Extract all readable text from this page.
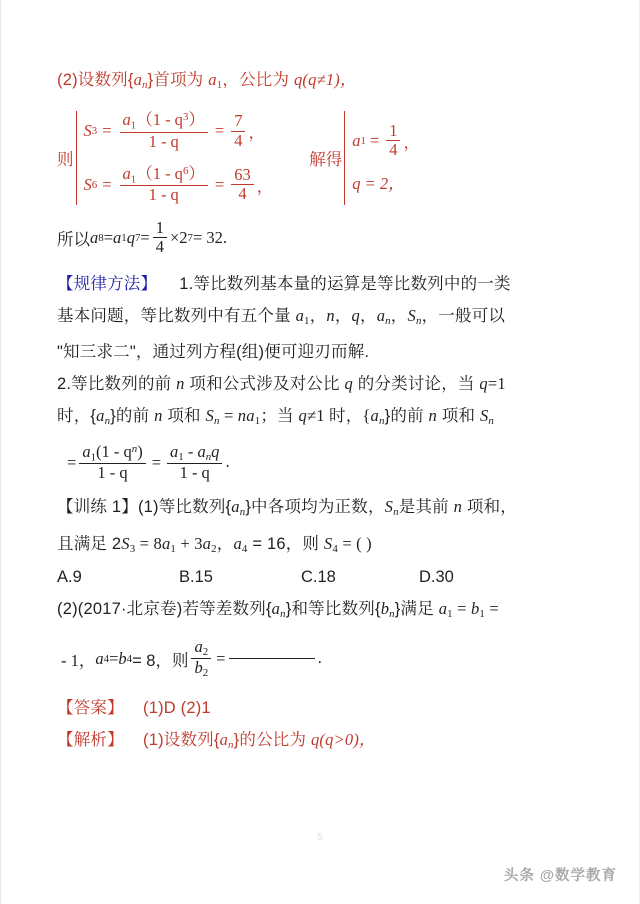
(2)设数列$\{a_n\}$首项为 $a_1$，公比为 q(q≠1)，
则
S $3 = \frac{a_1(1 - q^3)}{1 - q} = \frac{7}{4}$ ，
S $6 = \frac{a_1(1 - q^6)}{1 - q} = \frac{63}{4}$ ，
解得
a $1 = \frac{1}{4}$ ，
q = 2，
所以 a 8 = a 1 q $7 = \frac{1}{4} \times 2$ 7 = 32.
【规律方法】 1.等比数列基本量的运算是等比数列中的一类
基本问题，等比数列中有五个量 $a_1$，n，q，$a_n$，$S_n$，一般可以
"知三求二"，通过列方程(组)便可迎刃而解.
2.等比数列的前 n 项和公式涉及对公比 q 的分类讨论，当 q=1
时，$\{a_n\}$的前 n 项和 $S_n = na_1$；当 q≠1 时，$\{a_n\}$的前 n 项和 $S_n$
= $\frac{a_1(1 - q^n)}{1 - q} = \frac{a_1 - a_nq}{1 - q}$ .
【训练 1】(1)等比数列$\{a_n\}$中各项均为正数，$S_n$是其前 n 项和，
且满足 $2S_3 = 8a_1 + 3a_2$，$a_4 = 16$，则 $S_4$ = ( )
A.9	B.15	C.18	D.30
(2)(2017·北京卷)若等差数列$\{a_n\}$和等比数列$\{b_n\}$满足 $a_1 = b_1$ =
- 1， a 4 = b 4 = 8，则 $\frac{a_2}{b_2}$ =	.
【答案】 (1)D (2)1
【解析】 (1)设数列$\{a_n\}$的公比为 q(q>0)，
5
头条 @数学教育
